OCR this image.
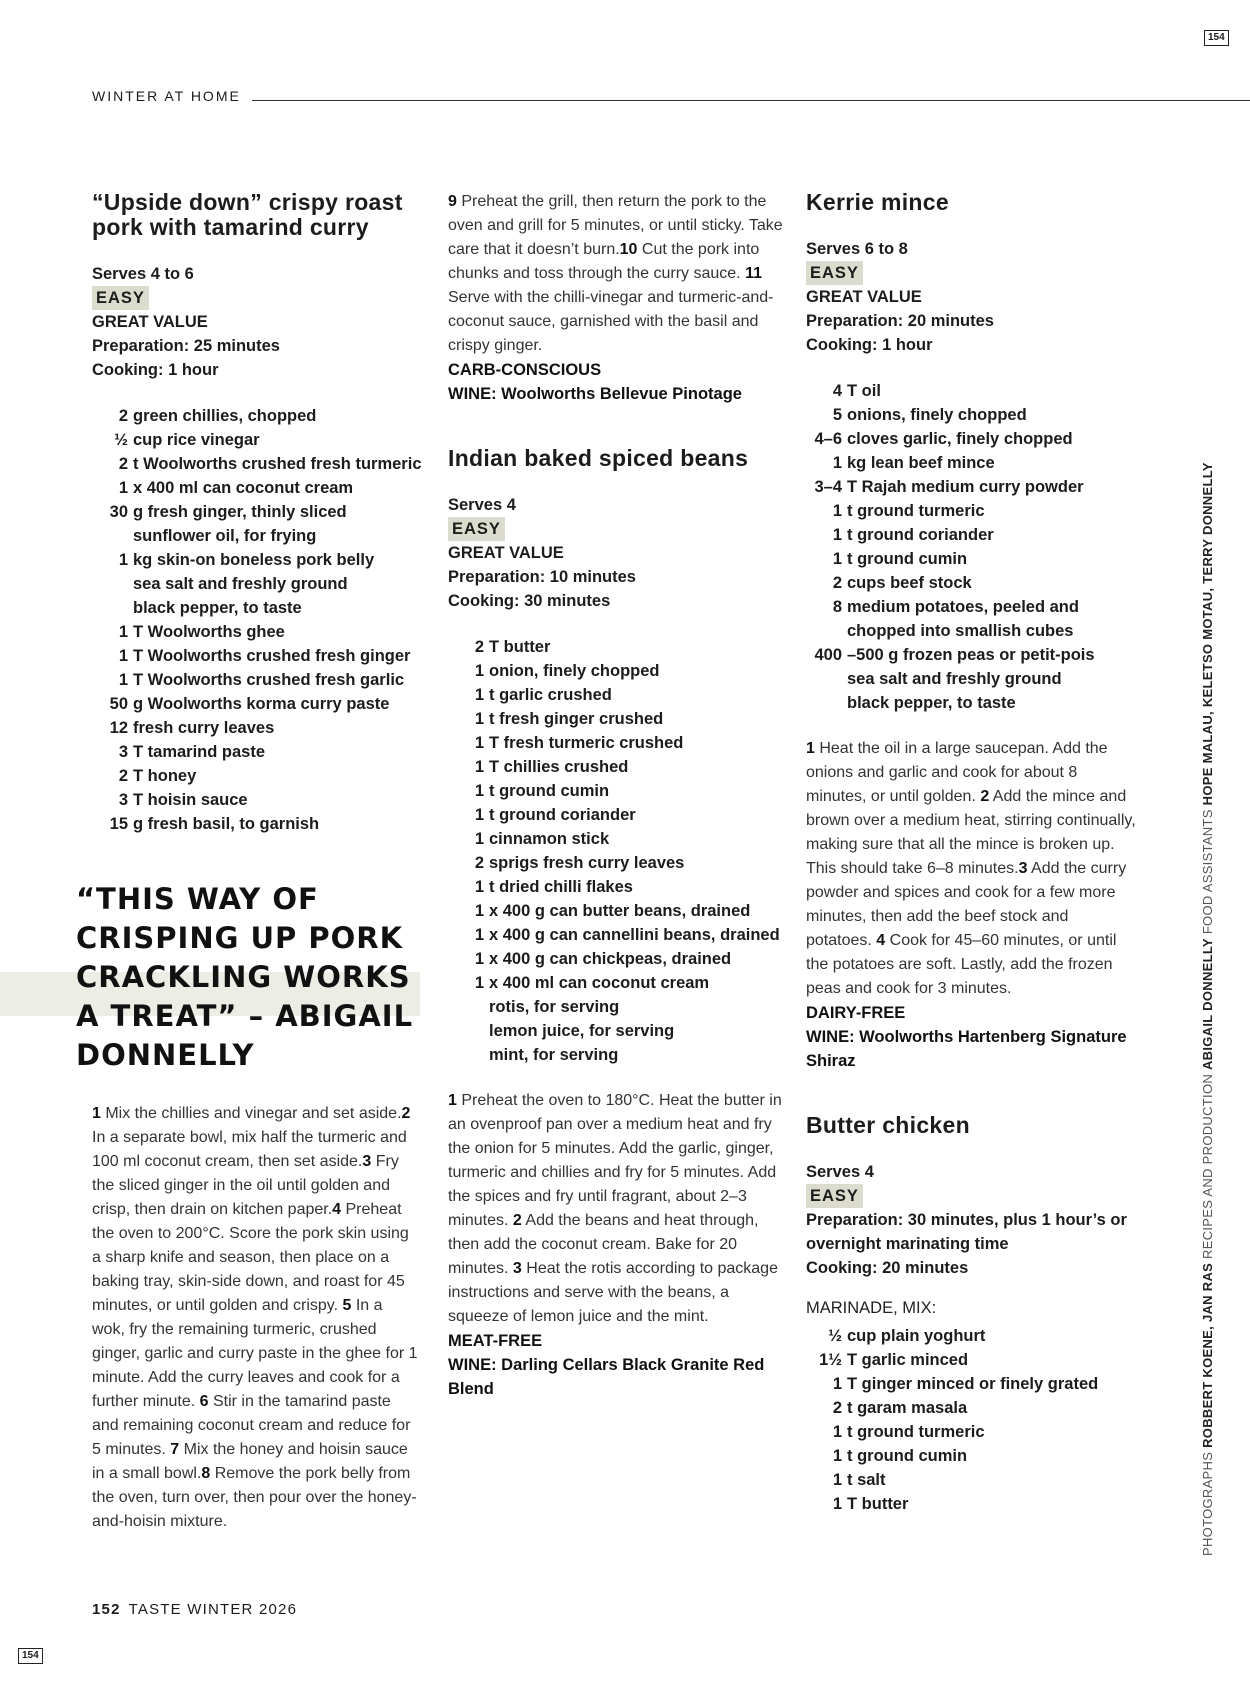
154
154
WINTER AT HOME
“Upside down” crispy roast pork with tamarind curry
Serves 4 to 6
EASY
GREAT VALUE
Preparation: 25 minutes
Cooking: 1 hour
2 green chillies, chopped
½ cup rice vinegar
2 t Woolworths crushed fresh turmeric
1 x 400 ml can coconut cream
30 g fresh ginger, thinly sliced
sunflower oil, for frying
1 kg skin-on boneless pork belly
sea salt and freshly ground
black pepper, to taste
1 T Woolworths ghee
1 T Woolworths crushed fresh ginger
1 T Woolworths crushed fresh garlic
50 g Woolworths korma curry paste
12 fresh curry leaves
3 T tamarind paste
2 T honey
3 T hoisin sauce
15 g fresh basil, to garnish
“THIS WAY OF CRISPING UP PORK CRACKLING WORKS A TREAT” – ABIGAIL DONNELLY
1 Mix the chillies and vinegar and set aside.2 In a separate bowl, mix half the turmeric and 100 ml coconut cream, then set aside.3 Fry the sliced ginger in the oil until golden and crisp, then drain on kitchen paper.4 Preheat the oven to 200°C. Score the pork skin using a sharp knife and season, then place on a baking tray, skin-side down, and roast for 45 minutes, or until golden and crispy. 5 In a wok, fry the remaining turmeric, crushed ginger, garlic and curry paste in the ghee for 1 minute. Add the curry leaves and cook for a further minute. 6 Stir in the tamarind paste and remaining coconut cream and reduce for 5 minutes. 7 Mix the honey and hoisin sauce in a small bowl.8 Remove the pork belly from the oven, turn over, then pour over the honey-and-hoisin mixture.
9 Preheat the grill, then return the pork to the oven and grill for 5 minutes, or until sticky. Take care that it doesn’t burn.10 Cut the pork into chunks and toss through the curry sauce. 11 Serve with the chilli-vinegar and turmeric-and-coconut sauce, garnished with the basil and crispy ginger.
CARB-CONSCIOUS
WINE: Woolworths Bellevue Pinotage
Indian baked spiced beans
Serves 4
EASY
GREAT VALUE
Preparation: 10 minutes
Cooking: 30 minutes
2 T butter
1 onion, finely chopped
1 t garlic crushed
1 t fresh ginger crushed
1 T fresh turmeric crushed
1 T chillies crushed
1 t ground cumin
1 t ground coriander
1 cinnamon stick
2 sprigs fresh curry leaves
1 t dried chilli flakes
1 x 400 g can butter beans, drained
1 x 400 g can cannellini beans, drained
1 x 400 g can chickpeas, drained
1 x 400 ml can coconut cream
rotis, for serving
lemon juice, for serving
mint, for serving
1 Preheat the oven to 180°C. Heat the butter in an ovenproof pan over a medium heat and fry the onion for 5 minutes. Add the garlic, ginger, turmeric and chillies and fry for 5 minutes. Add the spices and fry until fragrant, about 2–3 minutes. 2 Add the beans and heat through, then add the coconut cream. Bake for 20 minutes. 3 Heat the rotis according to package instructions and serve with the beans, a squeeze of lemon juice and the mint.
MEAT-FREE
WINE: Darling Cellars Black Granite Red Blend
Kerrie mince
Serves 6 to 8
EASY
GREAT VALUE
Preparation: 20 minutes
Cooking: 1 hour
4 T oil
5 onions, finely chopped
4–6 cloves garlic, finely chopped
1 kg lean beef mince
3–4 T Rajah medium curry powder
1 t ground turmeric
1 t ground coriander
1 t ground cumin
2 cups beef stock
8 medium potatoes, peeled and
chopped into smallish cubes
400 –500 g frozen peas or petit-pois
sea salt and freshly ground
black pepper, to taste
1 Heat the oil in a large saucepan. Add the onions and garlic and cook for about 8 minutes, or until golden. 2 Add the mince and brown over a medium heat, stirring continually, making sure that all the mince is broken up. This should take 6–8 minutes.3 Add the curry powder and spices and cook for a few more minutes, then add the beef stock and potatoes. 4 Cook for 45–60 minutes, or until the potatoes are soft. Lastly, add the frozen peas and cook for 3 minutes.
DAIRY-FREE
WINE: Woolworths Hartenberg Signature Shiraz
Butter chicken
Serves 4
EASY
Preparation: 30 minutes, plus 1 hour’s or overnight marinating time
Cooking: 20 minutes
MARINADE, MIX:
½ cup plain yoghurt
1½ T garlic minced
1 T ginger minced or finely grated
2 t garam masala
1 t ground turmeric
1 t ground cumin
1 t salt
1 T butter
152 TASTE WINTER 2026
PHOTOGRAPHS ROBBERT KOENE, JAN RAS RECIPES AND PRODUCTION ABIGAIL DONNELLY FOOD ASSISTANTS HOPE MALAU, KELETSO MOTAU, TERRY DONNELLY
